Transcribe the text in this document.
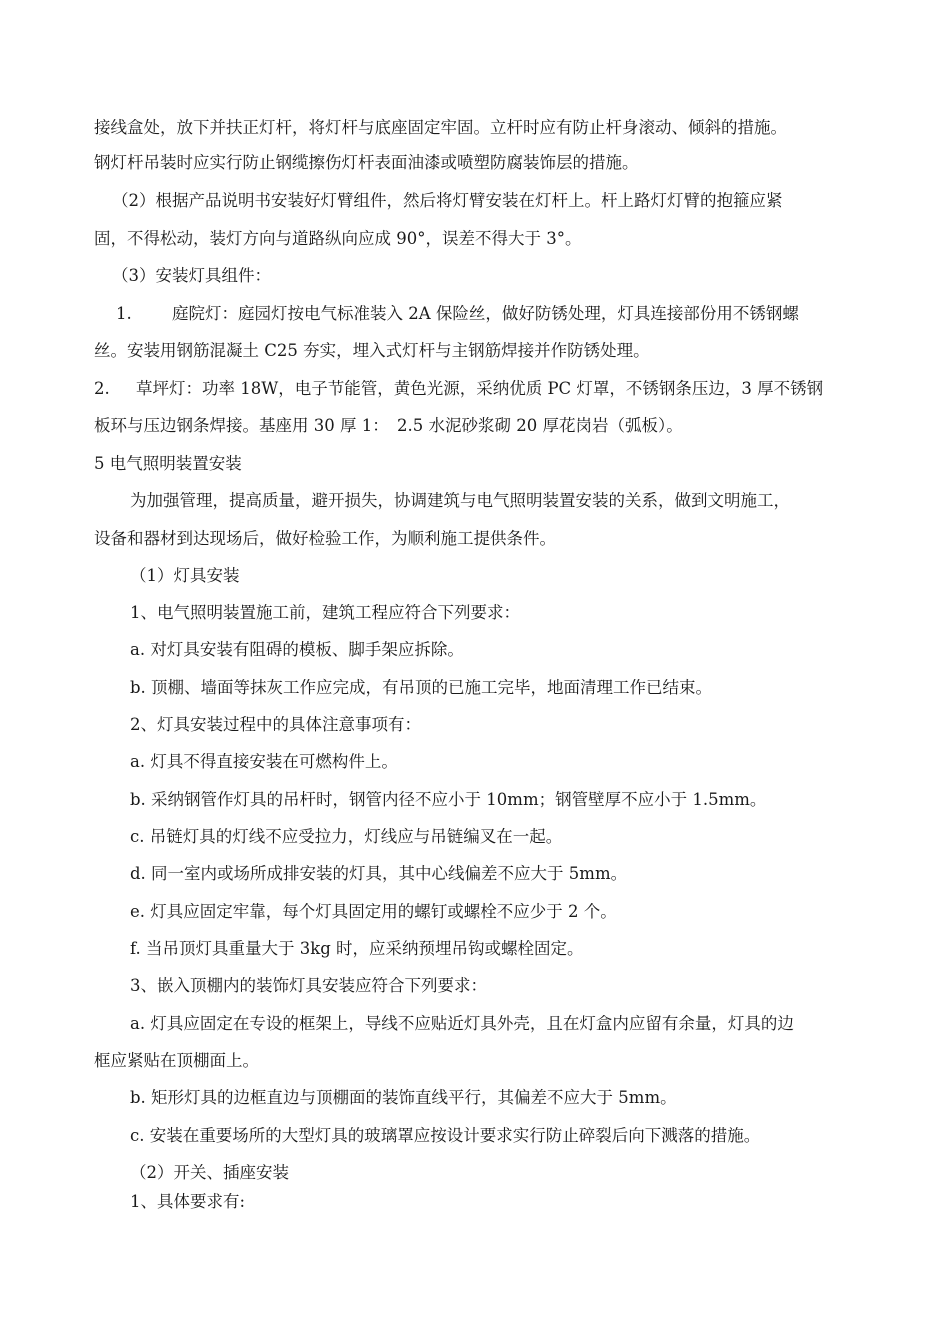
接线盒处，放下并扶正灯杆，将灯杆与底座固定牢固。立杆时应有防止杆身滚动、倾斜的措施。

钢灯杆吊装时应实行防止钢缆擦伤灯杆表面油漆或喷塑防腐装饰层的措施。

（2）根据产品说明书安装好灯臂组件，然后将灯臂安装在灯杆上。杆上路灯灯臂的抱箍应紧

固，不得松动，装灯方向与道路纵向应成 90°，误差不得大于 3°。

（3）安装灯具组件：

1. 庭院灯：庭园灯按电气标准装入 2A 保险丝，做好防锈处理，灯具连接部份用不锈钢螺

丝。安装用钢筋混凝土 C25 夯实，埋入式灯杆与主钢筋焊接并作防锈处理。

2. 草坪灯：功率 18W，电子节能管，黄色光源，采纳优质 PC 灯罩，不锈钢条压边，3 厚不锈钢

板环与压边钢条焊接。基座用 30 厚 1：　2.5 水泥砂浆砌 20 厚花岗岩（弧板）。

5 电气照明装置安装

为加强管理，提高质量，避开损失，协调建筑与电气照明装置安装的关系，做到文明施工，

设备和器材到达现场后，做好检验工作，为顺利施工提供条件。

（1）灯具安装

1、电气照明装置施工前，建筑工程应符合下列要求：

a. 对灯具安装有阻碍的模板、脚手架应拆除。

b. 顶棚、墙面等抹灰工作应完成，有吊顶的已施工完毕，地面清理工作已结束。

2、灯具安装过程中的具体注意事项有：

a. 灯具不得直接安装在可燃构件上。

b. 采纳钢管作灯具的吊杆时，钢管内径不应小于 10mm；钢管壁厚不应小于 1.5mm。

c. 吊链灯具的灯线不应受拉力，灯线应与吊链编叉在一起。

d. 同一室内或场所成排安装的灯具，其中心线偏差不应大于 5mm。

e. 灯具应固定牢靠，每个灯具固定用的螺钉或螺栓不应少于 2 个。

f. 当吊顶灯具重量大于 3kg 时，应采纳预埋吊钩或螺栓固定。

3、嵌入顶棚内的装饰灯具安装应符合下列要求：

a. 灯具应固定在专设的框架上，导线不应贴近灯具外壳，且在灯盒内应留有余量，灯具的边

框应紧贴在顶棚面上。

b. 矩形灯具的边框直边与顶棚面的装饰直线平行，其偏差不应大于 5mm。

c. 安装在重要场所的大型灯具的玻璃罩应按设计要求实行防止碎裂后向下溅落的措施。

（2）开关、插座安装

1、具体要求有:
